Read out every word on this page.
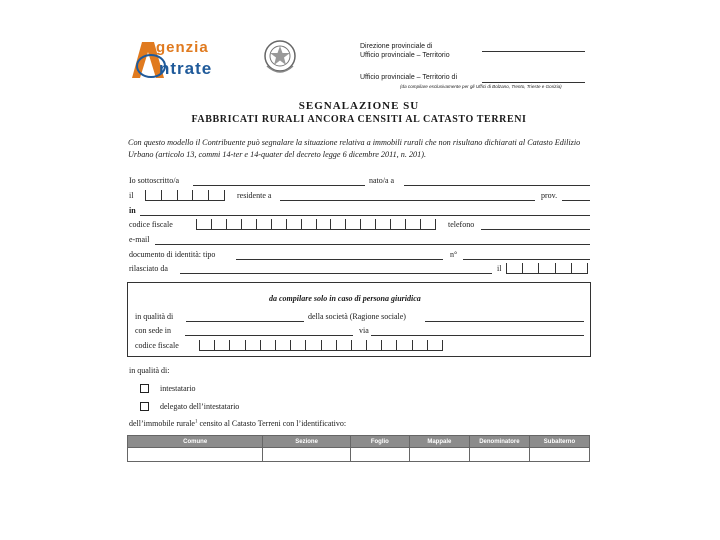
genzia
ntrate
Direzione provinciale di
Ufficio provinciale – Territorio
Ufficio provinciale – Territorio di
(da compilare esclusivamente per gli Uffici di Bolzano, Trento, Trieste e Gorizia)
SEGNALAZIONE SU
FABBRICATI RURALI ANCORA CENSITI AL CATASTO TERRENI
Con questo modello il Contribuente può segnalare la situazione relativa a immobili rurali che non risultano dichiarati al Catasto Edilizio Urbano (articolo 13, commi 14-ter e 14-quater del decreto legge 6 dicembre 2011, n. 201).
Io sottoscritto/a	nato/a a
il	residente a	prov.
in
codice fiscale	telefono
e-mail
documento di identità: tipo	n°
rilasciato da	il
da compilare solo in caso di persona giuridica
in qualità di	della società (Ragione sociale)
con sede in	via
codice fiscale
in qualità di:
intestatario
delegato dell’intestatario
dell’immobile rurale$^1$ censito al Catasto Terreni con l’identificativo:
Comune	Sezione	Foglio	Mappale	Denominatore	Subalterno
